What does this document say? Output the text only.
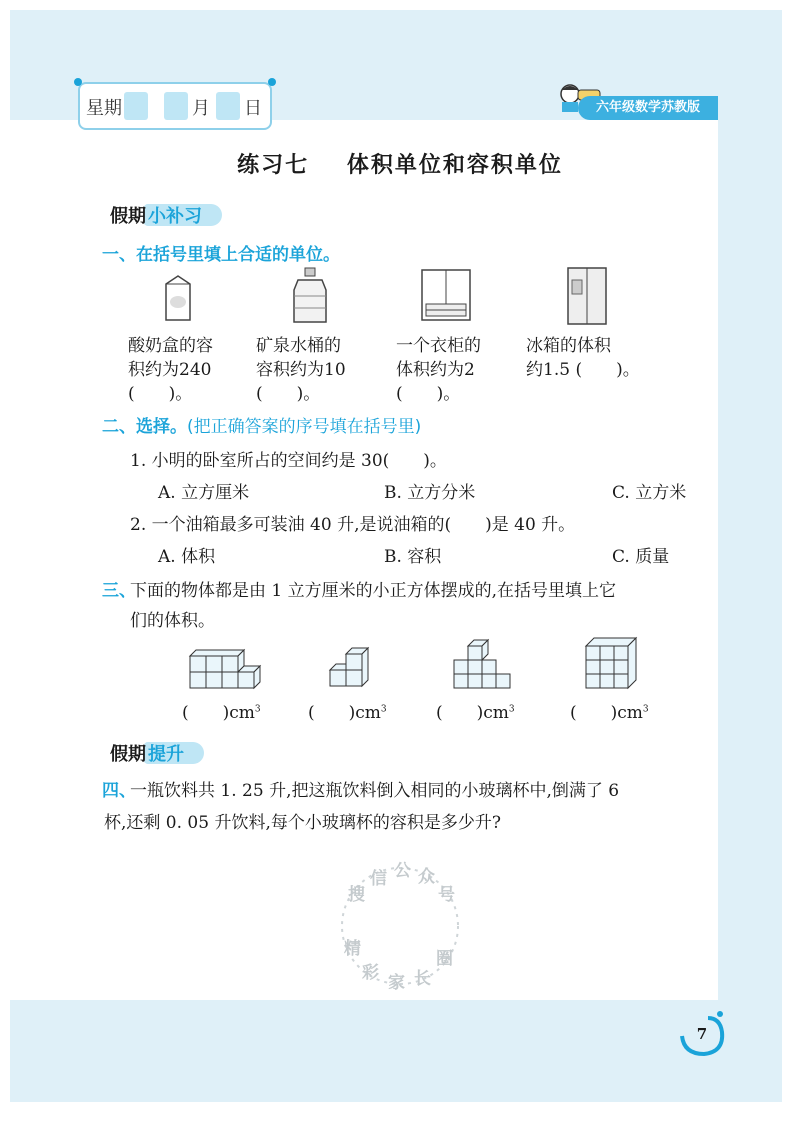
星期	月 日	六年级数学苏教版
练习七 体积单位和容积单位
假期 小补习
一、在括号里填上合适的单位。
酸奶盒的容
积约为240
(　　)。
矿泉水桶的
容积约为10
(　　)。
一个衣柜的
体积约为2
(　　)。
冰箱的体积
约1.5 (　　)。
二、选择。(把正确答案的序号填在括号里)
1. 小明的卧室所占的空间约是 30(　　)。
A. 立方厘米	B. 立方分米	C. 立方米
2. 一个油箱最多可装油 40 升,是说油箱的(　　)是 40 升。
A. 体积	B. 容积	C. 质量
三、
下面的物体都是由 1 立方厘米的小正方体摆成的,在括号里填上它
们的体积。
(　　)$cm^3$	(　　)$cm^3$	(　　)$cm^3$	(　　)$cm^3$
假期 提升
四、
一瓶饮料共 1. 25 升,把这瓶饮料倒入相同的小玻璃杯中,倒满了 6
杯,还剩 0. 05 升饮料,每个小玻璃杯的容积是多少升?
搜
信 公 众
号
精
彩 家 长
圈
7
